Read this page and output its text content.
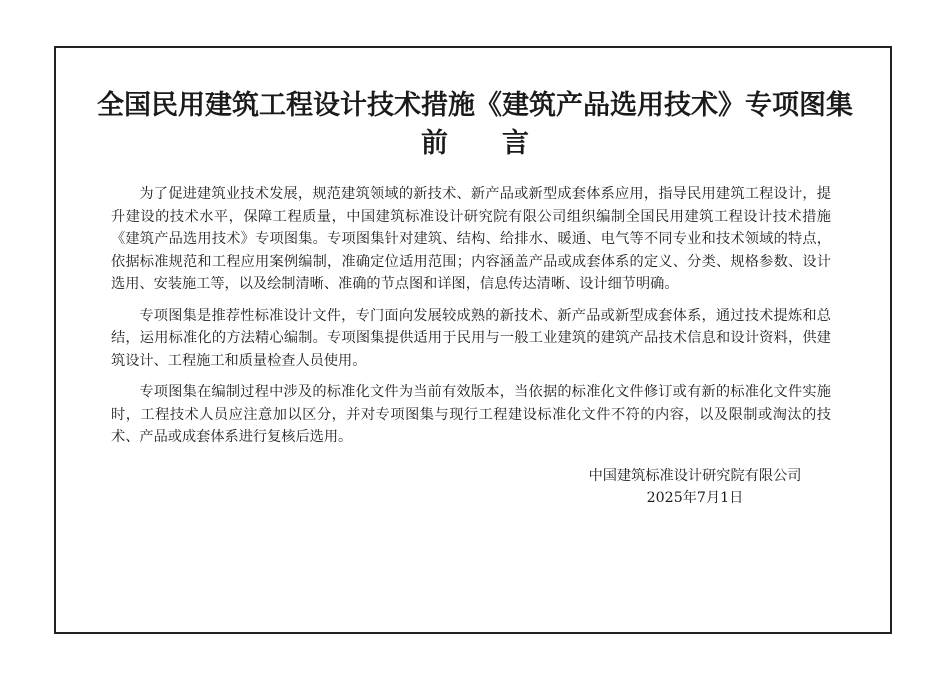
全国民用建筑工程设计技术措施《建筑产品选用技术》专项图集
前　　言

为了促进建筑业技术发展，规范建筑领域的新技术、新产品或新型成套体系应用，指导民用建筑工程设计，提升建设的技术水平，保障工程质量，中国建筑标准设计研究院有限公司组织编制全国民用建筑工程设计技术措施《建筑产品选用技术》专项图集。专项图集针对建筑、结构、给排水、暖通、电气等不同专业和技术领域的特点，依据标准规范和工程应用案例编制，准确定位适用范围；内容涵盖产品或成套体系的定义、分类、规格参数、设计选用、安装施工等，以及绘制清晰、准确的节点图和详图，信息传达清晰、设计细节明确。

专项图集是推荐性标准设计文件，专门面向发展较成熟的新技术、新产品或新型成套体系，通过技术提炼和总结，运用标准化的方法精心编制。专项图集提供适用于民用与一般工业建筑的建筑产品技术信息和设计资料，供建筑设计、工程施工和质量检查人员使用。

专项图集在编制过程中涉及的标准化文件为当前有效版本，当依据的标准化文件修订或有新的标准化文件实施时，工程技术人员应注意加以区分，并对专项图集与现行工程建设标准化文件不符的内容，以及限制或淘汰的技术、产品或成套体系进行复核后选用。

中国建筑标准设计研究院有限公司
2025年7月1日
